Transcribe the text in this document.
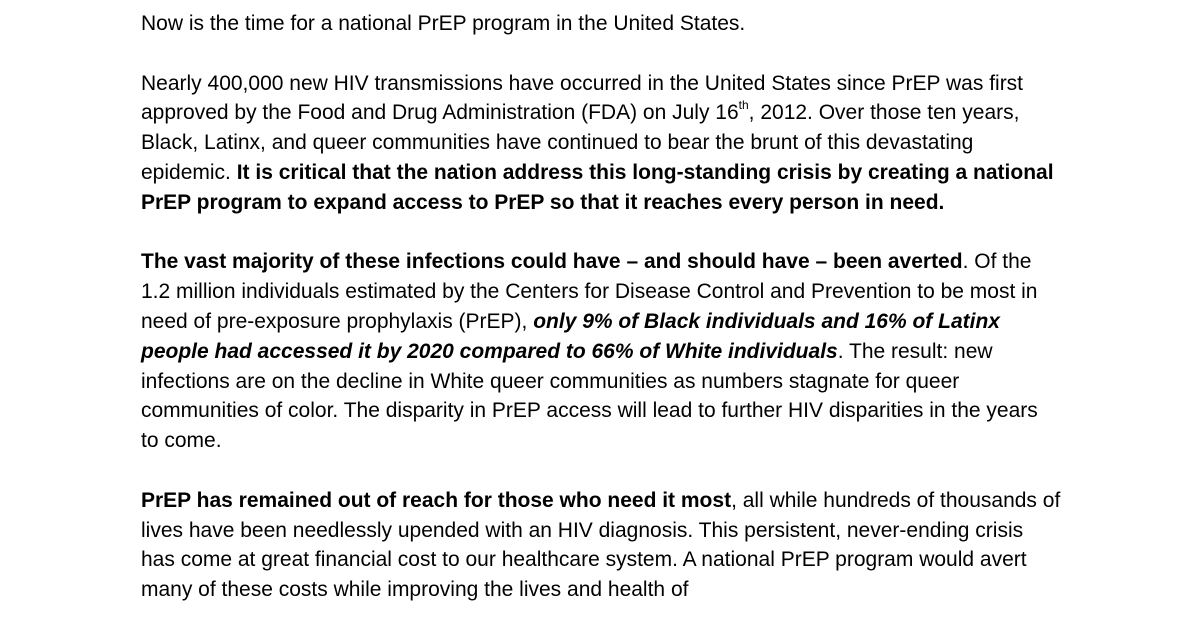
Now is the time for a national PrEP program in the United States.

Nearly 400,000 new HIV transmissions have occurred in the United States since PrEP was first approved by the Food and Drug Administration (FDA) on July 16th, 2012. Over those ten years, Black, Latinx, and queer communities have continued to bear the brunt of this devastating epidemic. It is critical that the nation address this long-standing crisis by creating a national PrEP program to expand access to PrEP so that it reaches every person in need.

The vast majority of these infections could have – and should have – been averted. Of the 1.2 million individuals estimated by the Centers for Disease Control and Prevention to be most in need of pre-exposure prophylaxis (PrEP), only 9% of Black individuals and 16% of Latinx people had accessed it by 2020 compared to 66% of White individuals. The result: new infections are on the decline in White queer communities as numbers stagnate for queer communities of color. The disparity in PrEP access will lead to further HIV disparities in the years to come.

PrEP has remained out of reach for those who need it most, all while hundreds of thousands of lives have been needlessly upended with an HIV diagnosis. This persistent, never-ending crisis has come at great financial cost to our healthcare system. A national PrEP program would avert many of these costs while improving the lives and health of
